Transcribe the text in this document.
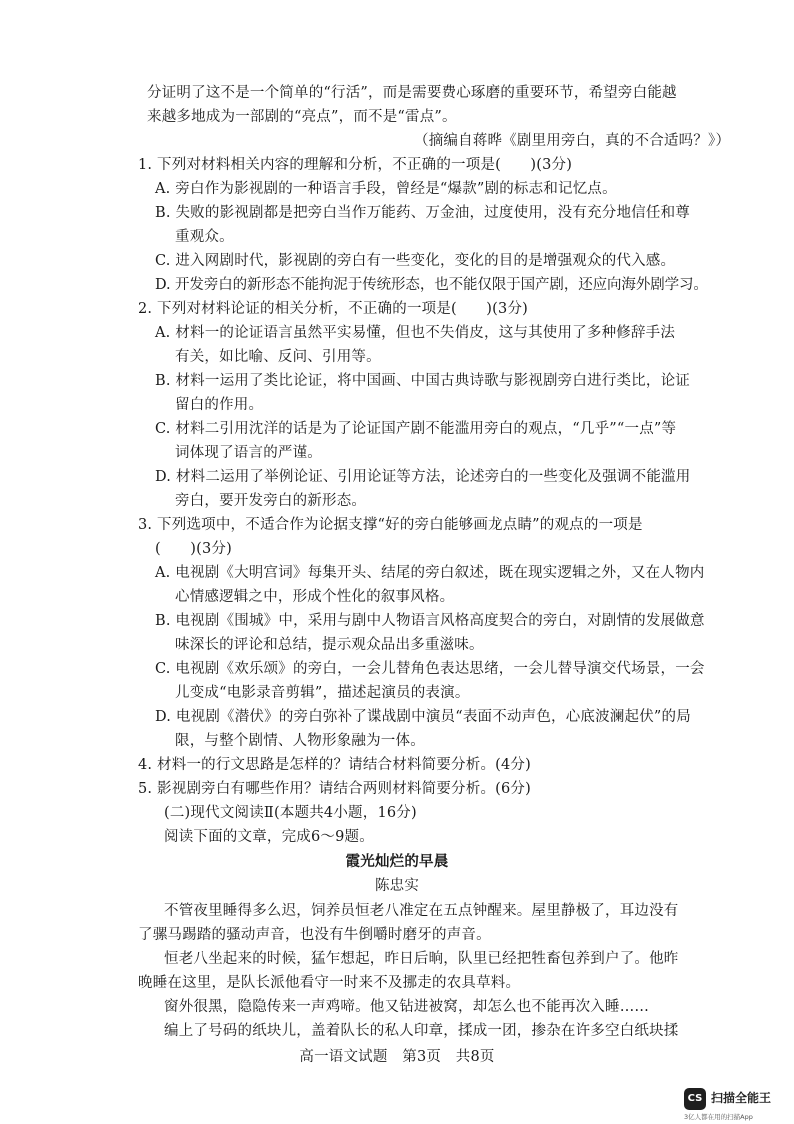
分证明了这不是一个简单的“行活”，而是需要费心琢磨的重要环节，希望旁白能越
来越多地成为一部剧的“亮点”，而不是“雷点”。
（摘编自蒋晔《剧里用旁白，真的不合适吗？》）
1. 下列对材料相关内容的理解和分析，不正确的一项是(　　)(3分)
A. 旁白作为影视剧的一种语言手段，曾经是“爆款”剧的标志和记忆点。
B. 失败的影视剧都是把旁白当作万能药、万金油，过度使用，没有充分地信任和尊
重观众。
C. 进入网剧时代，影视剧的旁白有一些变化，变化的目的是增强观众的代入感。
D. 开发旁白的新形态不能拘泥于传统形态，也不能仅限于国产剧，还应向海外剧学习。
2. 下列对材料论证的相关分析，不正确的一项是(　　)(3分)
A. 材料一的论证语言虽然平实易懂，但也不失俏皮，这与其使用了多种修辞手法
有关，如比喻、反问、引用等。
B. 材料一运用了类比论证，将中国画、中国古典诗歌与影视剧旁白进行类比，论证
留白的作用。
C. 材料二引用沈洋的话是为了论证国产剧不能滥用旁白的观点，“几乎”“一点”等
词体现了语言的严谨。
D. 材料二运用了举例论证、引用论证等方法，论述旁白的一些变化及强调不能滥用
旁白，要开发旁白的新形态。
3. 下列选项中，不适合作为论据支撑“好的旁白能够画龙点睛”的观点的一项是
(　　)(3分)
A. 电视剧《大明宫词》每集开头、结尾的旁白叙述，既在现实逻辑之外，又在人物内
心情感逻辑之中，形成个性化的叙事风格。
B. 电视剧《围城》中，采用与剧中人物语言风格高度契合的旁白，对剧情的发展做意
味深长的评论和总结，提示观众品出多重滋味。
C. 电视剧《欢乐颂》的旁白，一会儿替角色表达思绪，一会儿替导演交代场景，一会
儿变成“电影录音剪辑”，描述起演员的表演。
D. 电视剧《潜伏》的旁白弥补了谍战剧中演员“表面不动声色，心底波澜起伏”的局
限，与整个剧情、人物形象融为一体。
4. 材料一的行文思路是怎样的？请结合材料简要分析。(4分)
5. 影视剧旁白有哪些作用？请结合两则材料简要分析。(6分)
(二)现代文阅读Ⅱ(本题共4小题，16分)
阅读下面的文章，完成6～9题。
霞光灿烂的早晨
陈忠实
不管夜里睡得多么迟，饲养员恒老八准定在五点钟醒来。屋里静极了，耳边没有
了骡马踢踏的骚动声音，也没有牛倒嚼时磨牙的声音。
恒老八坐起来的时候，猛乍想起，昨日后晌，队里已经把牲畜包养到户了。他昨
晚睡在这里，是队长派他看守一时来不及挪走的农具草料。
窗外很黑，隐隐传来一声鸡啼。他又钻进被窝，却怎么也不能再次入睡……
编上了号码的纸块儿，盖着队长的私人印章，揉成一团，掺杂在许多空白纸块揉
高一语文试题　第3页　共8页
CS 扫描全能王
3亿人都在用的扫描App
